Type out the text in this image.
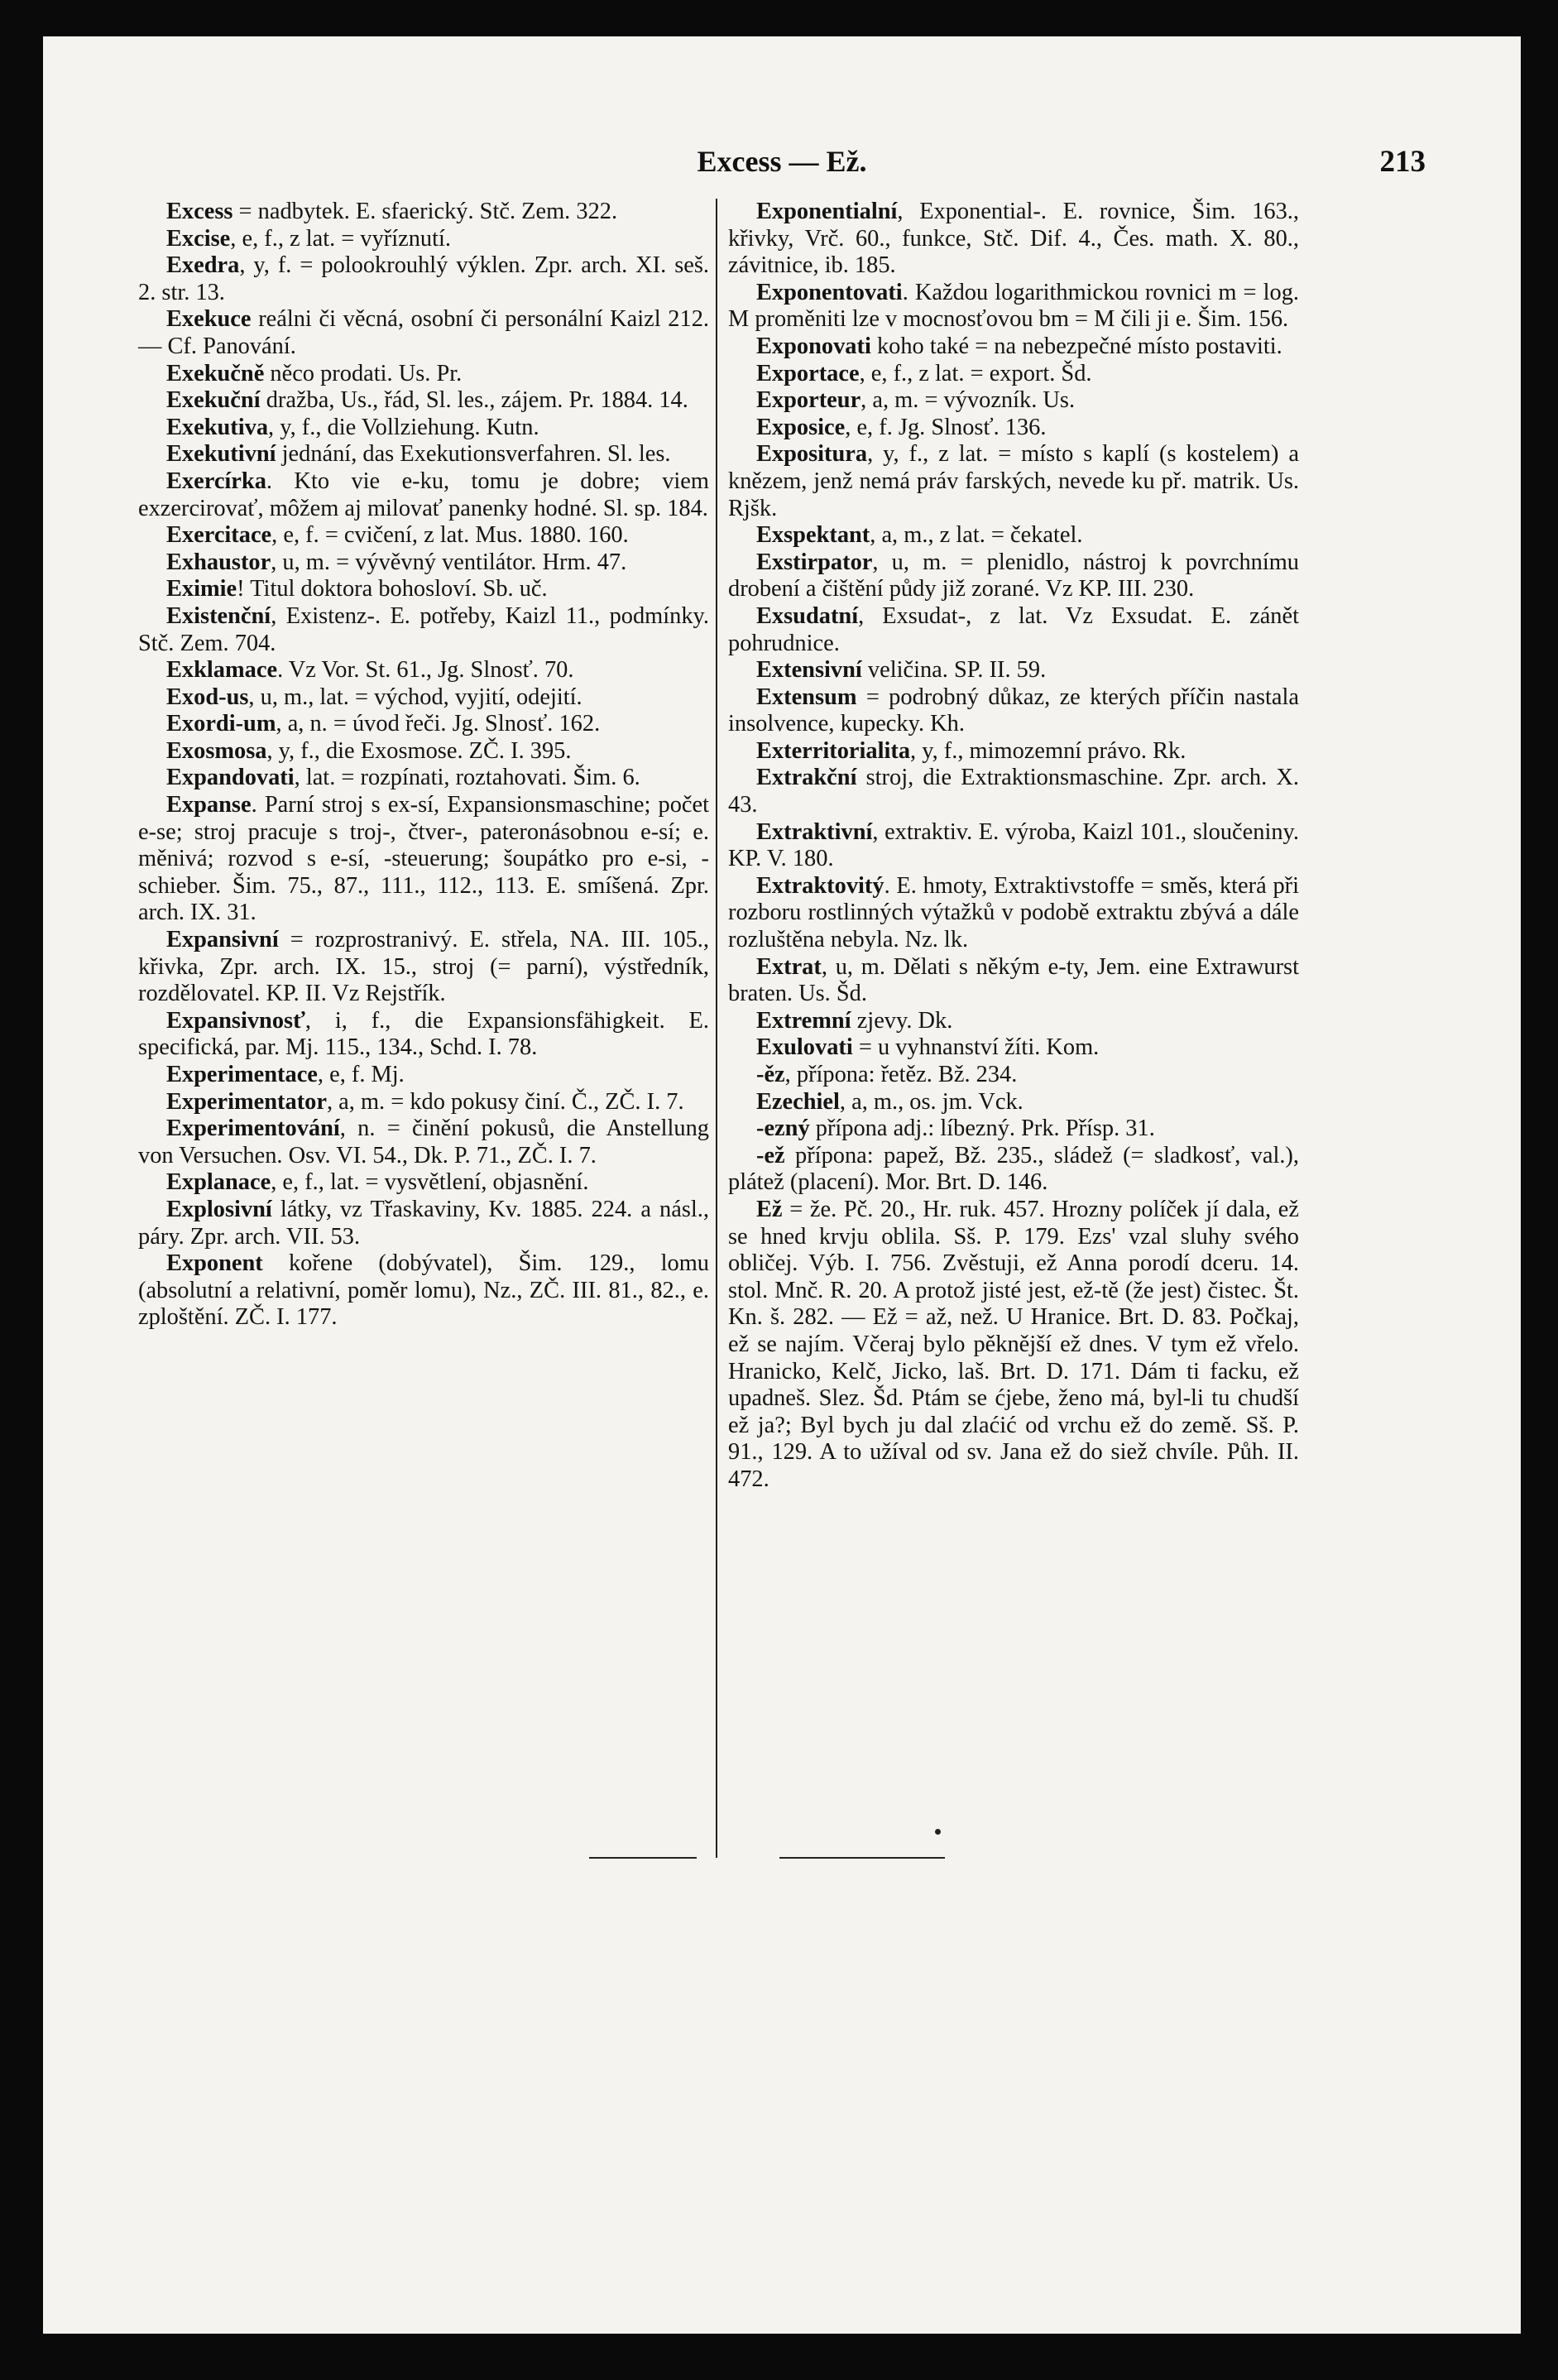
Excess — Ež.	213

Excess = nadbytek. E. sfaerický. Stč. Zem. 322.

Excise, e, f., z lat. = vyříznutí.

Exedra, y, f. = polookrouhlý výklen. Zpr. arch. XI. seš. 2. str. 13.

Exekuce reálni či věcná, osobní či personální Kaizl 212. — Cf. Panování.

Exekučně něco prodati. Us. Pr.

Exekuční dražba, Us., řád, Sl. les., zájem. Pr. 1884. 14.

Exekutiva, y, f., die Vollziehung. Kutn.

Exekutivní jednání, das Exekutionsverfahren. Sl. les.

Exercírka. Kto vie e-ku, tomu je dobre; viem exzercirovať, môžem aj milovať panenky hodné. Sl. sp. 184.

Exercitace, e, f. = cvičení, z lat. Mus. 1880. 160.

Exhaustor, u, m. = vývěvný ventilátor. Hrm. 47.

Eximie! Titul doktora bohosloví. Sb. uč.

Existenční, Existenz-. E. potřeby, Kaizl 11., podmínky. Stč. Zem. 704.

Exklamace. Vz Vor. St. 61., Jg. Slnosť. 70.

Exod-us, u, m., lat. = východ, vyjití, odejití.

Exordi-um, a, n. = úvod řeči. Jg. Slnosť. 162.

Exosmosa, y, f., die Exosmose. ZČ. I. 395.

Expandovati, lat. = rozpínati, roztahovati. Šim. 6.

Expanse. Parní stroj s ex-sí, Expansionsmaschine; počet e-se; stroj pracuje s troj-, čtver-, pateronásobnou e-sí; e. měnivá; rozvod s e-sí, -steuerung; šoupátko pro e-si, -schieber. Šim. 75., 87., 111., 112., 113. E. smíšená. Zpr. arch. IX. 31.

Expansivní = rozprostranivý. E. střela, NA. III. 105., křivka, Zpr. arch. IX. 15., stroj (= parní), výstředník, rozdělovatel. KP. II. Vz Rejstřík.

Expansivnosť, i, f., die Expansionsfähigkeit. E. specifická, par. Mj. 115., 134., Schd. I. 78.

Experimentace, e, f. Mj.

Experimentator, a, m. = kdo pokusy činí. Č., ZČ. I. 7.

Experimentování, n. = činění pokusů, die Anstellung von Versuchen. Osv. VI. 54., Dk. P. 71., ZČ. I. 7.

Explanace, e, f., lat. = vysvětlení, objasnění.

Explosivní látky, vz Třaskaviny, Kv. 1885. 224. a násl., páry. Zpr. arch. VII. 53.

Exponent kořene (dobývatel), Šim. 129., lomu (absolutní a relativní, poměr lomu), Nz., ZČ. III. 81., 82., e. zploštění. ZČ. I. 177.

Exponentialní, Exponential-. E. rovnice, Šim. 163., křivky, Vrč. 60., funkce, Stč. Dif. 4., Čes. math. X. 80., závitnice, ib. 185.

Exponentovati. Každou logarithmickou rovnici m = log. M proměniti lze v mocnosťovou bm = M čili ji e. Šim. 156.

Exponovati koho také = na nebezpečné místo postaviti.

Exportace, e, f., z lat. = export. Šd.

Exporteur, a, m. = vývozník. Us.

Exposice, e, f. Jg. Slnosť. 136.

Expositura, y, f., z lat. = místo s kaplí (s kostelem) a knězem, jenž nemá práv farských, nevede ku př. matrik. Us. Rjšk.

Exspektant, a, m., z lat. = čekatel.

Exstirpator, u, m. = plenidlo, nástroj k povrchnímu drobení a čištění půdy již zorané. Vz KP. III. 230.

Exsudatní, Exsudat-, z lat. Vz Exsudat. E. zánět pohrudnice.

Extensivní veličina. SP. II. 59.

Extensum = podrobný důkaz, ze kterých příčin nastala insolvence, kupecky. Kh.

Exterritorialita, y, f., mimozemní právo. Rk.

Extrakční stroj, die Extraktionsmaschine. Zpr. arch. X. 43.

Extraktivní, extraktiv. E. výroba, Kaizl 101., sloučeniny. KP. V. 180.

Extraktovitý. E. hmoty, Extraktivstoffe = směs, která při rozboru rostlinných výtažků v podobě extraktu zbývá a dále rozluštěna nebyla. Nz. lk.

Extrat, u, m. Dělati s někým e-ty, Jem. eine Extrawurst braten. Us. Šd.

Extremní zjevy. Dk.

Exulovati = u vyhnanství žíti. Kom.

-ěz, přípona: řetěz. Bž. 234.

Ezechiel, a, m., os. jm. Vck.

-ezný přípona adj.: líbezný. Prk. Přísp. 31.

-ež přípona: papež, Bž. 235., sládež (= sladkosť, val.), plátež (placení). Mor. Brt. D. 146.

Ež = že. Pč. 20., Hr. ruk. 457. Hrozny políček jí dala, ež se hned krvju oblila. Sš. P. 179. Ezs' vzal sluhy svého obličej. Výb. I. 756. Zvěstuji, ež Anna porodí dceru. 14. stol. Mnč. R. 20. A protož jisté jest, ež-tě (že jest) čistec. Št. Kn. š. 282. — Ež = až, než. U Hranice. Brt. D. 83. Počkaj, ež se najím. Včeraj bylo pěknější ež dnes. V tym ež vřelo. Hranicko, Kelč, Jicko, laš. Brt. D. 171. Dám ti facku, ež upadneš. Slez. Šd. Ptám se ćjebe, ženo má, byl-li tu chudší ež ja?; Byl bych ju dal zlaćić od vrchu ež do země. Sš. P. 91., 129. A to užíval od sv. Jana ež do siež chvíle. Půh. II. 472.
